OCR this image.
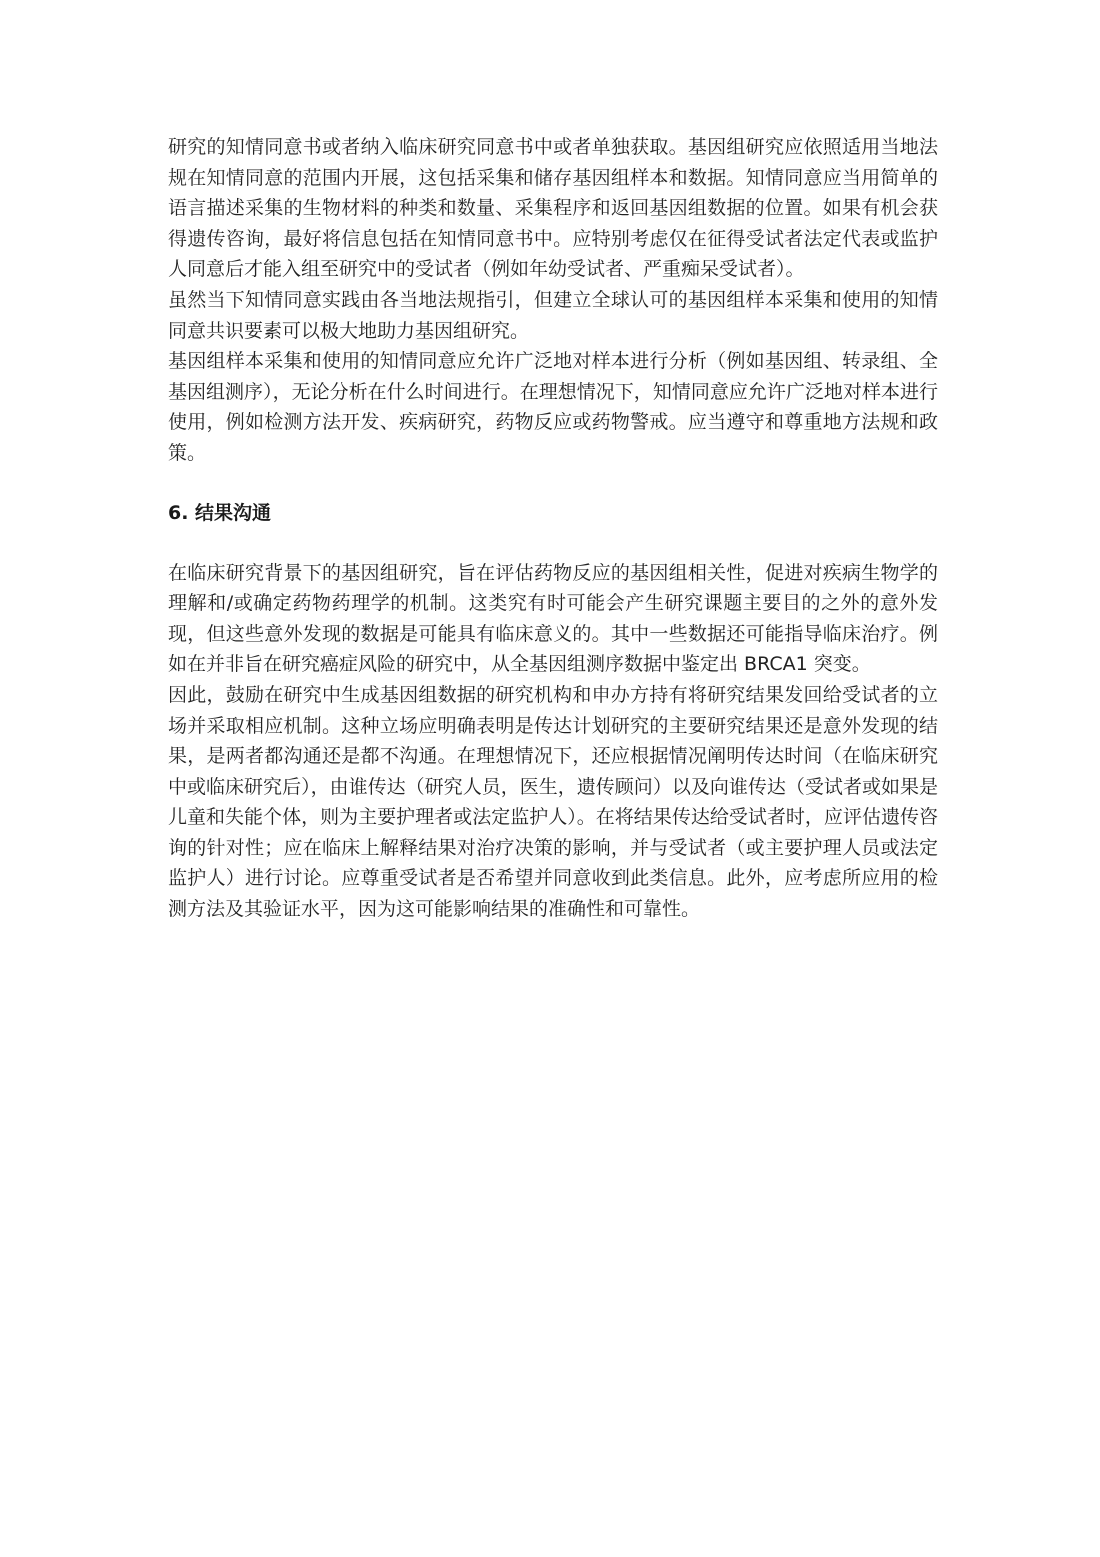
研究的知情同意书或者纳入临床研究同意书中或者单独获取。基因组研究应依照适用当地法规在知情同意的范围内开展，这包括采集和储存基因组样本和数据。知情同意应当用简单的语言描述采集的生物材料的种类和数量、采集程序和返回基因组数据的位置。如果有机会获得遗传咨询，最好将信息包括在知情同意书中。应特别考虑仅在征得受试者法定代表或监护人同意后才能入组至研究中的受试者（例如年幼受试者、严重痴呆受试者）。

虽然当下知情同意实践由各当地法规指引，但建立全球认可的基因组样本采集和使用的知情同意共识要素可以极大地助力基因组研究。

基因组样本采集和使用的知情同意应允许广泛地对样本进行分析（例如基因组、转录组、全基因组测序），无论分析在什么时间进行。在理想情况下，知情同意应允许广泛地对样本进行使用，例如检测方法开发、疾病研究，药物反应或药物警戒。应当遵守和尊重地方法规和政策。

6. 结果沟通

在临床研究背景下的基因组研究，旨在评估药物反应的基因组相关性，促进对疾病生物学的理解和/或确定药物药理学的机制。这类究有时可能会产生研究课题主要目的之外的意外发现，但这些意外发现的数据是可能具有临床意义的。其中一些数据还可能指导临床治疗。例如在并非旨在研究癌症风险的研究中，从全基因组测序数据中鉴定出 BRCA1 突变。

因此，鼓励在研究中生成基因组数据的研究机构和申办方持有将研究结果发回给受试者的立场并采取相应机制。这种立场应明确表明是传达计划研究的主要研究结果还是意外发现的结果，是两者都沟通还是都不沟通。在理想情况下，还应根据情况阐明传达时间（在临床研究中或临床研究后），由谁传达（研究人员，医生，遗传顾问）以及向谁传达（受试者或如果是儿童和失能个体，则为主要护理者或法定监护人）。在将结果传达给受试者时，应评估遗传咨询的针对性；应在临床上解释结果对治疗决策的影响，并与受试者（或主要护理人员或法定监护人）进行讨论。应尊重受试者是否希望并同意收到此类信息。此外，应考虑所应用的检测方法及其验证水平，因为这可能影响结果的准确性和可靠性。
